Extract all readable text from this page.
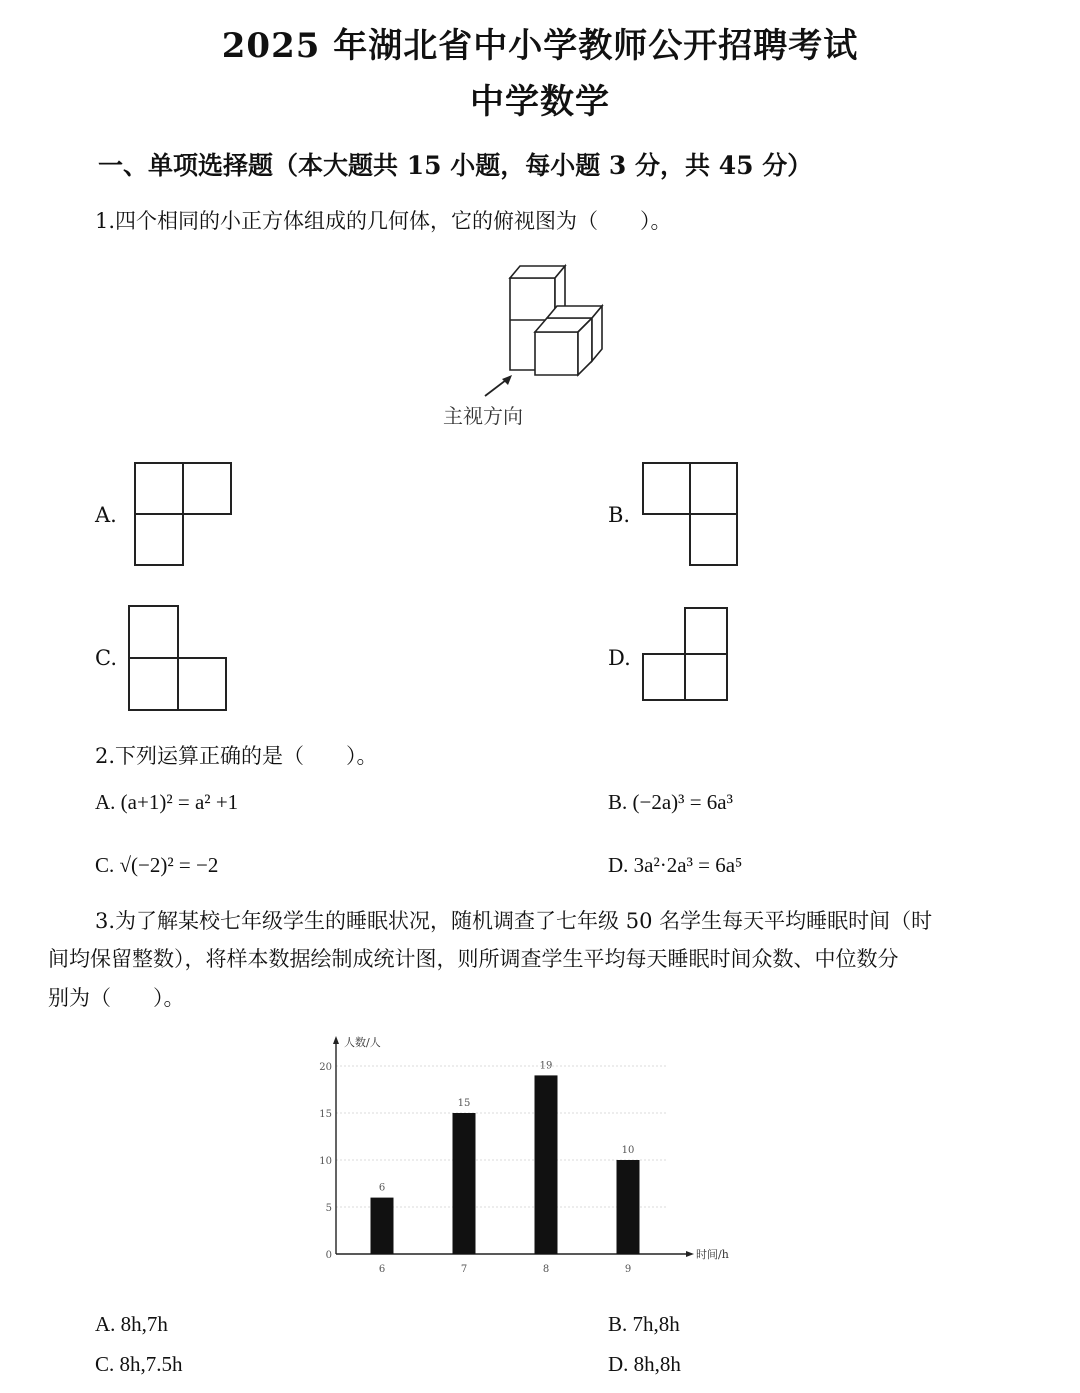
2025 年湖北省中小学教师公开招聘考试
中学数学
一、单项选择题（本大题共 15 小题，每小题 3 分，共 45 分）
1.四个相同的小正方体组成的几何体，它的俯视图为（　　）。
主视方向
A.	B.
C.	D.
2.下列运算正确的是（　　）。
A. (a+1)² = a² +1	B. (−2a)³ = 6a³
C. √(−2)² = −2	D. 3a²·2a³ = 6a⁵
3.为了解某校七年级学生的睡眠状况，随机调查了七年级 50 名学生每天平均睡眠时间（时
间均保留整数），将样本数据绘制成统计图，则所调查学生平均每天睡眠时间众数、中位数分
别为（　　）。
人数/人
时间/h
0
5
10
15
20
6
6
15
7
19
8
10
9
A. 8h,7h	B. 7h,8h
C. 8h,7.5h	D. 8h,8h
